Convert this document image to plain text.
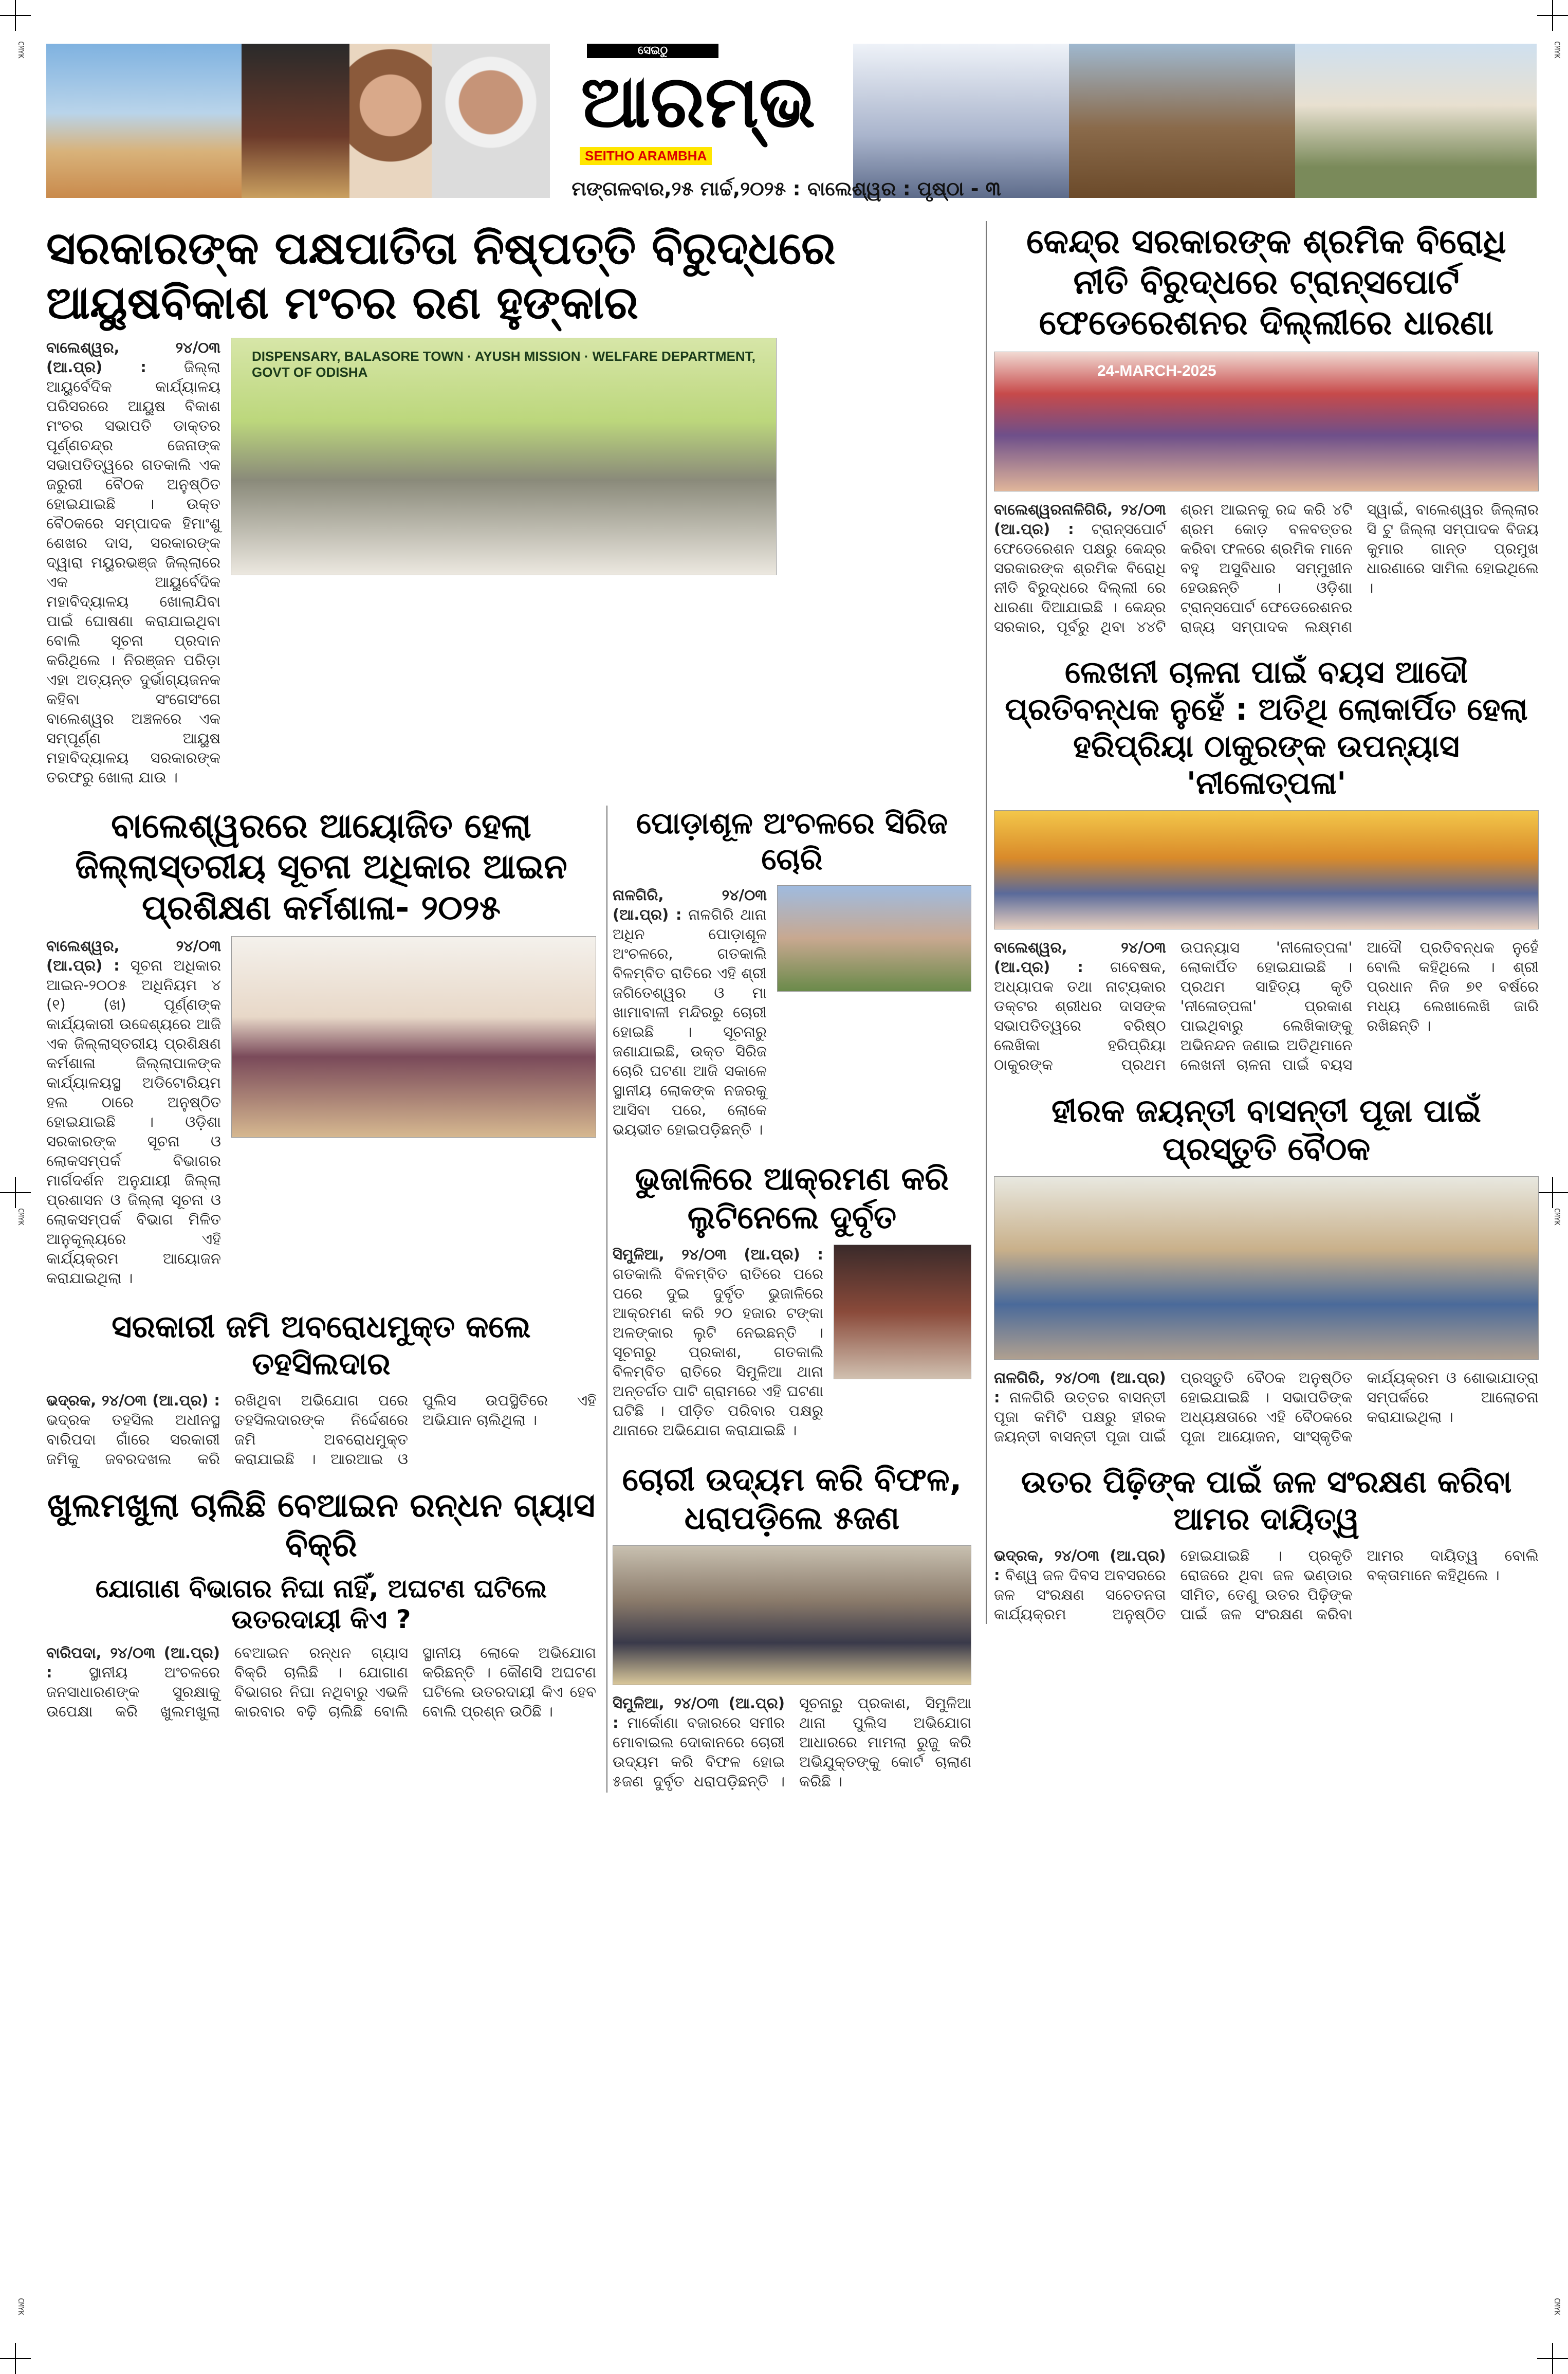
CMYK	CMYK
CMYK	CMYK
CMYK	CMYK
ସେଇଠୁ
ଆରମ୍ଭ
SEITHO ARAMBHA
ମଙ୍ଗଳବାର,୨୫ ମାର୍ଚ୍ଚ,୨୦୨୫ : ବାଲେଶ୍ୱର : ପୃଷ୍ଠା - ୩
ସରକାରଙ୍କ ପକ୍ଷପାତିତା ନିଷ୍ପତ୍ତି ବିରୁଦ୍ଧରେ ଆୟୁଷବିକାଶ ମଂଚର ରଣ ହୁଙ୍କାର

ବାଲେଶ୍ୱର, ୨୪/୦୩ (ଆ.ପ୍ର) :	ଜିଲ୍ଲା ଆୟୁର୍ବେଦିକ କାର୍ଯ୍ୟାଳୟ ପରିସରରେ ଆୟୁଷ ବିକାଶ ମଂଚର ସଭାପତି ଡାକ୍ତର ପୂର୍ଣ୍ଣଚନ୍ଦ୍ର ଜେନାଙ୍କ ସଭାପତିତ୍ୱରେ ଗତକାଲି ଏକ ଜରୁରୀ ବୈଠକ ଅନୁଷ୍ଠିତ ହୋଇଯାଇଛି । ଉକ୍ତ ବୈଠକରେ ସମ୍ପାଦକ ହିମାଂଶୁ ଶେଖର ଦାସ, ସରକାରଙ୍କ ଦ୍ୱାରା ମୟୁରଭଞ୍ଜ ଜିଲ୍ଲାରେ ଏକ ଆୟୁର୍ବେଦିକ ମହାବିଦ୍ୟାଳୟ ଖୋଲାଯିବା ପାଇଁ ଘୋଷଣା କରାଯାଇଥିବା ବୋଲି ସୂଚନା ପ୍ରଦାନ କରିଥିଲେ । ନିରଞ୍ଜନ ପରିଡ଼ା ଏହା ଅତ୍ୟନ୍ତ ଦୁର୍ଭାଗ୍ୟଜନକ କହିବା ସଂଗେସଂଗେ ବାଲେଶ୍ୱର ଅଞ୍ଚଳରେ ଏକ ସମ୍ପୂର୍ଣ୍ଣ ଆୟୁଷ ମହାବିଦ୍ୟାଳୟ ସରକାରଙ୍କ ତରଫରୁ ଖୋଲା ଯାଉ ।

DISPENSARY, BALASORE TOWN · AYUSH MISSION · WELFARE DEPARTMENT, GOVT OF ODISHA
ବାଲେଶ୍ୱରରେ ଆୟୋଜିତ ହେଲା ଜିଲ୍ଲାସ୍ତରୀୟ ସୂଚନା ଅଧିକାର ଆଇନ ପ୍ରଶିକ୍ଷଣ କର୍ମଶାଳା- ୨୦୨୫

ବାଲେଶ୍ୱର, ୨୪/୦୩ (ଆ.ପ୍ର) : ସୂଚନା ଅଧିକାର ଆଇନ-୨୦୦୫ ଅଧିନିୟମ ୪ (୧) (ଖ) ପୂର୍ଣ୍ଣଙ୍କ କାର୍ଯ୍ୟକାରୀ ଉଦ୍ଦେଶ୍ୟରେ ଆଜି ଏକ ଜିଲ୍ଲାସ୍ତରୀୟ ପ୍ରଶିକ୍ଷଣ କର୍ମଶାଳା ଜିଲ୍ଲାପାଳଙ୍କ କାର୍ଯ୍ୟାଳୟସ୍ଥ ଅଡିଟୋରିୟମ ହଲ ଠାରେ ଅନୁଷ୍ଠିତ ହୋଇଯାଇଛି । ଓଡ଼ିଶା ସରକାରଙ୍କ ସୂଚନା ଓ ଲୋକସମ୍ପର୍କ ବିଭାଗର ମାର୍ଗଦର୍ଶନ ଅନୁଯାୟୀ ଜିଲ୍ଲା ପ୍ରଶାସନ ଓ ଜିଲ୍ଲା ସୂଚନା ଓ ଲୋକସମ୍ପର୍କ ବିଭାଗ ମିଳିତ ଆନୁକୂଲ୍ୟରେ ଏହି କାର୍ଯ୍ୟକ୍ରମ ଆୟୋଜନ କରାଯାଇଥିଲା ।

ସରକାରୀ ଜମି ଅବରୋଧମୁକ୍ତ କଲେ ତହସିଲଦାର

ଭଦ୍ରକ, ୨୪/୦୩ (ଆ.ପ୍ର) : ଭଦ୍ରକ ତହସିଲ ଅଧୀନସ୍ଥ ବାରିପଦା ଗାଁରେ ସରକାରୀ ଜମିକୁ ଜବରଦଖଲ କରି ରଖିଥିବା ଅଭିଯୋଗ ପରେ ତହସିଲଦାରଙ୍କ ନିର୍ଦ୍ଦେଶରେ ଜମି ଅବରୋଧମୁକ୍ତ କରାଯାଇଛି । ଆରଆଇ ଓ ପୁଲିସ ଉପସ୍ଥିତିରେ ଏହି ଅଭିଯାନ ଚାଲିଥିଲା ।

ଖୁଲମଖୁଲା ଚାଲିଛି ବେଆଇନ ରନ୍ଧନ ଗ୍ୟାସ ବିକ୍ରି
ଯୋଗାଣ ବିଭାଗର ନିଘା ନାହିଁ, ଅଘଟଣ ଘଟିଲେ ଉତରଦାୟୀ କିଏ ?

ବାରିପଦା, ୨୪/୦୩ (ଆ.ପ୍ର) : ସ୍ଥାନୀୟ ଅଂଚଳରେ ଜନସାଧାରଣଙ୍କ ସୁରକ୍ଷାକୁ ଉପେକ୍ଷା କରି ଖୁଲମଖୁଲା ବେଆଇନ ରନ୍ଧନ ଗ୍ୟାସ ବିକ୍ରି ଚାଲିଛି । ଯୋଗାଣ ବିଭାଗର ନିଘା ନଥିବାରୁ ଏଭଳି କାରବାର ବଢ଼ି ଚାଲିଛି ବୋଲି ସ୍ଥାନୀୟ ଲୋକେ ଅଭିଯୋଗ କରିଛନ୍ତି । କୌଣସି ଅଘଟଣ ଘଟିଲେ ଉତରଦାୟୀ କିଏ ହେବ ବୋଲି ପ୍ରଶ୍ନ ଉଠିଛି ।

ପୋଡ଼ାଶୂଳ ଅଂଚଳରେ ସିରିଜ ଚୋରି

ନାଳଗିରି, ୨୪/୦୩ (ଆ.ପ୍ର) : ନାଳଗିରି ଥାନା ଅଧିନ ପୋଡ଼ାଶୂଳ ଅଂଚଳରେ, ଗତକାଲି ବିଳମ୍ବିତ ରାତିରେ ଏହି ଶ୍ରୀ ଜଗିତେଶ୍ୱର ଓ ମା ଖାମାବାଳୀ ମନ୍ଦିରରୁ ଚୋରୀ ହୋଇଛି । ସୂଚନାରୁ ଜଣାଯାଇଛି, ଉକ୍ତ ସିରିଜ ଚୋରି ଘଟଣା ଆଜି ସକାଳେ ସ୍ଥାନୀୟ ଲୋକଙ୍କ ନଜରକୁ ଆସିବା ପରେ, ଲୋକେ ଭୟଭୀତ ହୋଇପଡ଼ିଛନ୍ତି ।

ଭୁଜାଳିରେ ଆକ୍ରମଣ କରି ଲୁଟିନେଲେ ଦୁର୍ବୃତ

ସିମୁଳିଆ, ୨୪/୦୩ (ଆ.ପ୍ର) : ଗତକାଲି ବିଳମ୍ବିତ ରାତିରେ ପରେ ପରେ ଦୁଇ ଦୁର୍ବୃତ ଭୁଜାଳିରେ ଆକ୍ରମଣ କରି ୨୦ ହଜାର ଟଙ୍କା ଅଳଙ୍କାର ଲୁଟି ନେଇଛନ୍ତି । ସୂଚନାରୁ ପ୍ରକାଶ, ଗତକାଲି ବିଳମ୍ବିତ ରାତିରେ ସିମୁଳିଆ ଥାନା ଅନ୍ତର୍ଗତ ପାଟି ଗ୍ରାମରେ ଏହି ଘଟଣା ଘଟିଛି । ପୀଡ଼ିତ ପରିବାର ପକ୍ଷରୁ ଥାନାରେ ଅଭିଯୋଗ କରାଯାଇଛି ।

ଚୋରୀ ଉଦ୍ୟମ କରି ବିଫଳ, ଧରାପଡ଼ିଲେ ୫ଜଣ

ସିମୁଳିଆ, ୨୪/୦୩ (ଆ.ପ୍ର) : ମାର୍କୋଣା ବଜାରରେ ସମୀର ମୋବାଇଲ ଦୋକାନରେ ଚୋରୀ ଉଦ୍ୟମ କରି ବିଫଳ ହୋଇ ୫ଜଣ ଦୁର୍ବୃତ ଧରାପଡ଼ିଛନ୍ତି । ସୂଚନାରୁ ପ୍ରକାଶ, ସିମୁଳିଆ ଥାନା ପୁଲିସ ଅଭିଯୋଗ ଆଧାରରେ ମାମଲା ରୁଜୁ କରି ଅଭିଯୁକ୍ତଙ୍କୁ କୋର୍ଟ ଚାଲାଣ କରିଛି ।

କେନ୍ଦ୍ର ସରକାରଙ୍କ ଶ୍ରମିକ ବିରୋଧି ନୀତି ବିରୁଦ୍ଧରେ ଟ୍ରାନ୍ସପୋର୍ଟ ଫେଡେରେଶନର ଦିଲ୍ଲୀରେ ଧାରଣା
24-MARCH-2025

ବାଲେଶ୍ୱରନାଳିଗିରି, ୨୪/୦୩ (ଆ.ପ୍ର) : ଟ୍ରାନ୍ସପୋର୍ଟ ଫେଡେରେଶନ ପକ୍ଷରୁ କେନ୍ଦ୍ର ସରକାରଙ୍କ ଶ୍ରମିକ ବିରୋଧି ନୀତି ବିରୁଦ୍ଧରେ ଦିଲ୍ଲୀ ରେ ଧାରଣା ଦିଆଯାଇଛି । କେନ୍ଦ୍ର ସରକାର, ପୂର୍ବରୁ ଥିବା ୪୪ଟି ଶ୍ରମ ଆଇନକୁ ରଦ୍ଦ କରି ୪ଟି ଶ୍ରମ କୋଡ଼ ବଳବତ୍ତର କରିବା ଫଳରେ ଶ୍ରମିକ ମାନେ ବହୁ ଅସୁବିଧାର ସମ୍ମୁଖୀନ ହେଉଛନ୍ତି । ଓଡ଼ିଶା ଟ୍ରାନ୍ସପୋର୍ଟ ଫେଡେରେଶନର ରାଜ୍ୟ ସମ୍ପାଦକ ଲକ୍ଷ୍ମଣ ସ୍ୱାଇଁ, ବାଲେଶ୍ୱର ଜିଲ୍ଲାର ସି ଟୁ ଜିଲ୍ଲା ସମ୍ପାଦକ ବିଜୟ କୁମାର ଗାନ୍ତ ପ୍ରମୁଖ ଧାରଣାରେ ସାମିଲ ହୋଇଥିଲେ ।

ଲେଖନୀ ଚାଳନା ପାଇଁ ବୟସ ଆଦୌ ପ୍ରତିବନ୍ଧକ ନୁହେଁ : ଅତିଥି ଲୋକାର୍ପିତ ହେଲା ହରିପ୍ରିୟା ଠାକୁରଙ୍କ ଉପନ୍ୟାସ 'ନୀଳୋତ୍ପଳା'

ବାଲେଶ୍ୱର, ୨୪/୦୩ (ଆ.ପ୍ର) : ଗବେଷକ, ଅଧ୍ୟାପକ ତଥା ନାଟ୍ୟକାର ଡକ୍ଟର ଶ୍ରୀଧର ଦାସଙ୍କ ସଭାପତିତ୍ୱରେ ବରିଷ୍ଠ ଲେଖିକା ହରିପ୍ରିୟା ଠାକୁରଙ୍କ ପ୍ରଥମ ଉପନ୍ୟାସ 'ନୀଳୋତ୍ପଳା' ଲୋକାର୍ପିତ ହୋଇଯାଇଛି । ପ୍ରଥମ ସାହିତ୍ୟ କୃତି 'ନୀଳୋତ୍ପଳା' ପ୍ରକାଶ ପାଇଥିବାରୁ ଲେଖିକାଙ୍କୁ ଅଭିନନ୍ଦନ ଜଣାଇ ଅତିଥିମାନେ ଲେଖନୀ ଚାଳନା ପାଇଁ ବୟସ ଆଦୌ ପ୍ରତିବନ୍ଧକ ନୁହେଁ ବୋଲି କହିଥିଲେ । ଶ୍ରୀ ପ୍ରଧାନ ନିଜ ୭୧ ବର୍ଷରେ ମଧ୍ୟ ଲେଖାଲେଖି ଜାରି ରଖିଛନ୍ତି ।

ହୀରକ ଜୟନ୍ତୀ ବାସନ୍ତୀ ପୂଜା ପାଇଁ ପ୍ରସ୍ତୁତି ବୈଠକ

ନାଳଗିରି, ୨୪/୦୩ (ଆ.ପ୍ର) : ନାଳଗିରି ଉତ୍ତର ବାସନ୍ତୀ ପୂଜା କମିଟି ପକ୍ଷରୁ ହୀରକ ଜୟନ୍ତୀ ବାସନ୍ତୀ ପୂଜା ପାଇଁ ପ୍ରସ୍ତୁତି ବୈଠକ ଅନୁଷ୍ଠିତ ହୋଇଯାଇଛି । ସଭାପତିଙ୍କ ଅଧ୍ୟକ୍ଷତାରେ ଏହି ବୈଠକରେ ପୂଜା ଆୟୋଜନ, ସାଂସ୍କୃତିକ କାର୍ଯ୍ୟକ୍ରମ ଓ ଶୋଭାଯାତ୍ରା ସମ୍ପର୍କରେ ଆଲୋଚନା କରାଯାଇଥିଲା ।

ଉତର ପିଢ଼ିଙ୍କ ପାଇଁ ଜଳ ସଂରକ୍ଷଣ କରିବା ଆମର ଦାୟିତ୍ୱ

ଭଦ୍ରକ, ୨୪/୦୩ (ଆ.ପ୍ର) : ବିଶ୍ୱ ଜଳ ଦିବସ ଅବସରରେ ଜଳ ସଂରକ୍ଷଣ ସଚେତନତା କାର୍ଯ୍ୟକ୍ରମ ଅନୁଷ୍ଠିତ ହୋଇଯାଇଛି । ପ୍ରକୃତି ରୋଜରେ ଥିବା ଜଳ ଭଣ୍ଡାର ସୀମିତ, ତେଣୁ ଉତର ପିଢ଼ିଙ୍କ ପାଇଁ ଜଳ ସଂରକ୍ଷଣ କରିବା ଆମର ଦାୟିତ୍ୱ ବୋଲି ବକ୍ତାମାନେ କହିଥିଲେ ।
